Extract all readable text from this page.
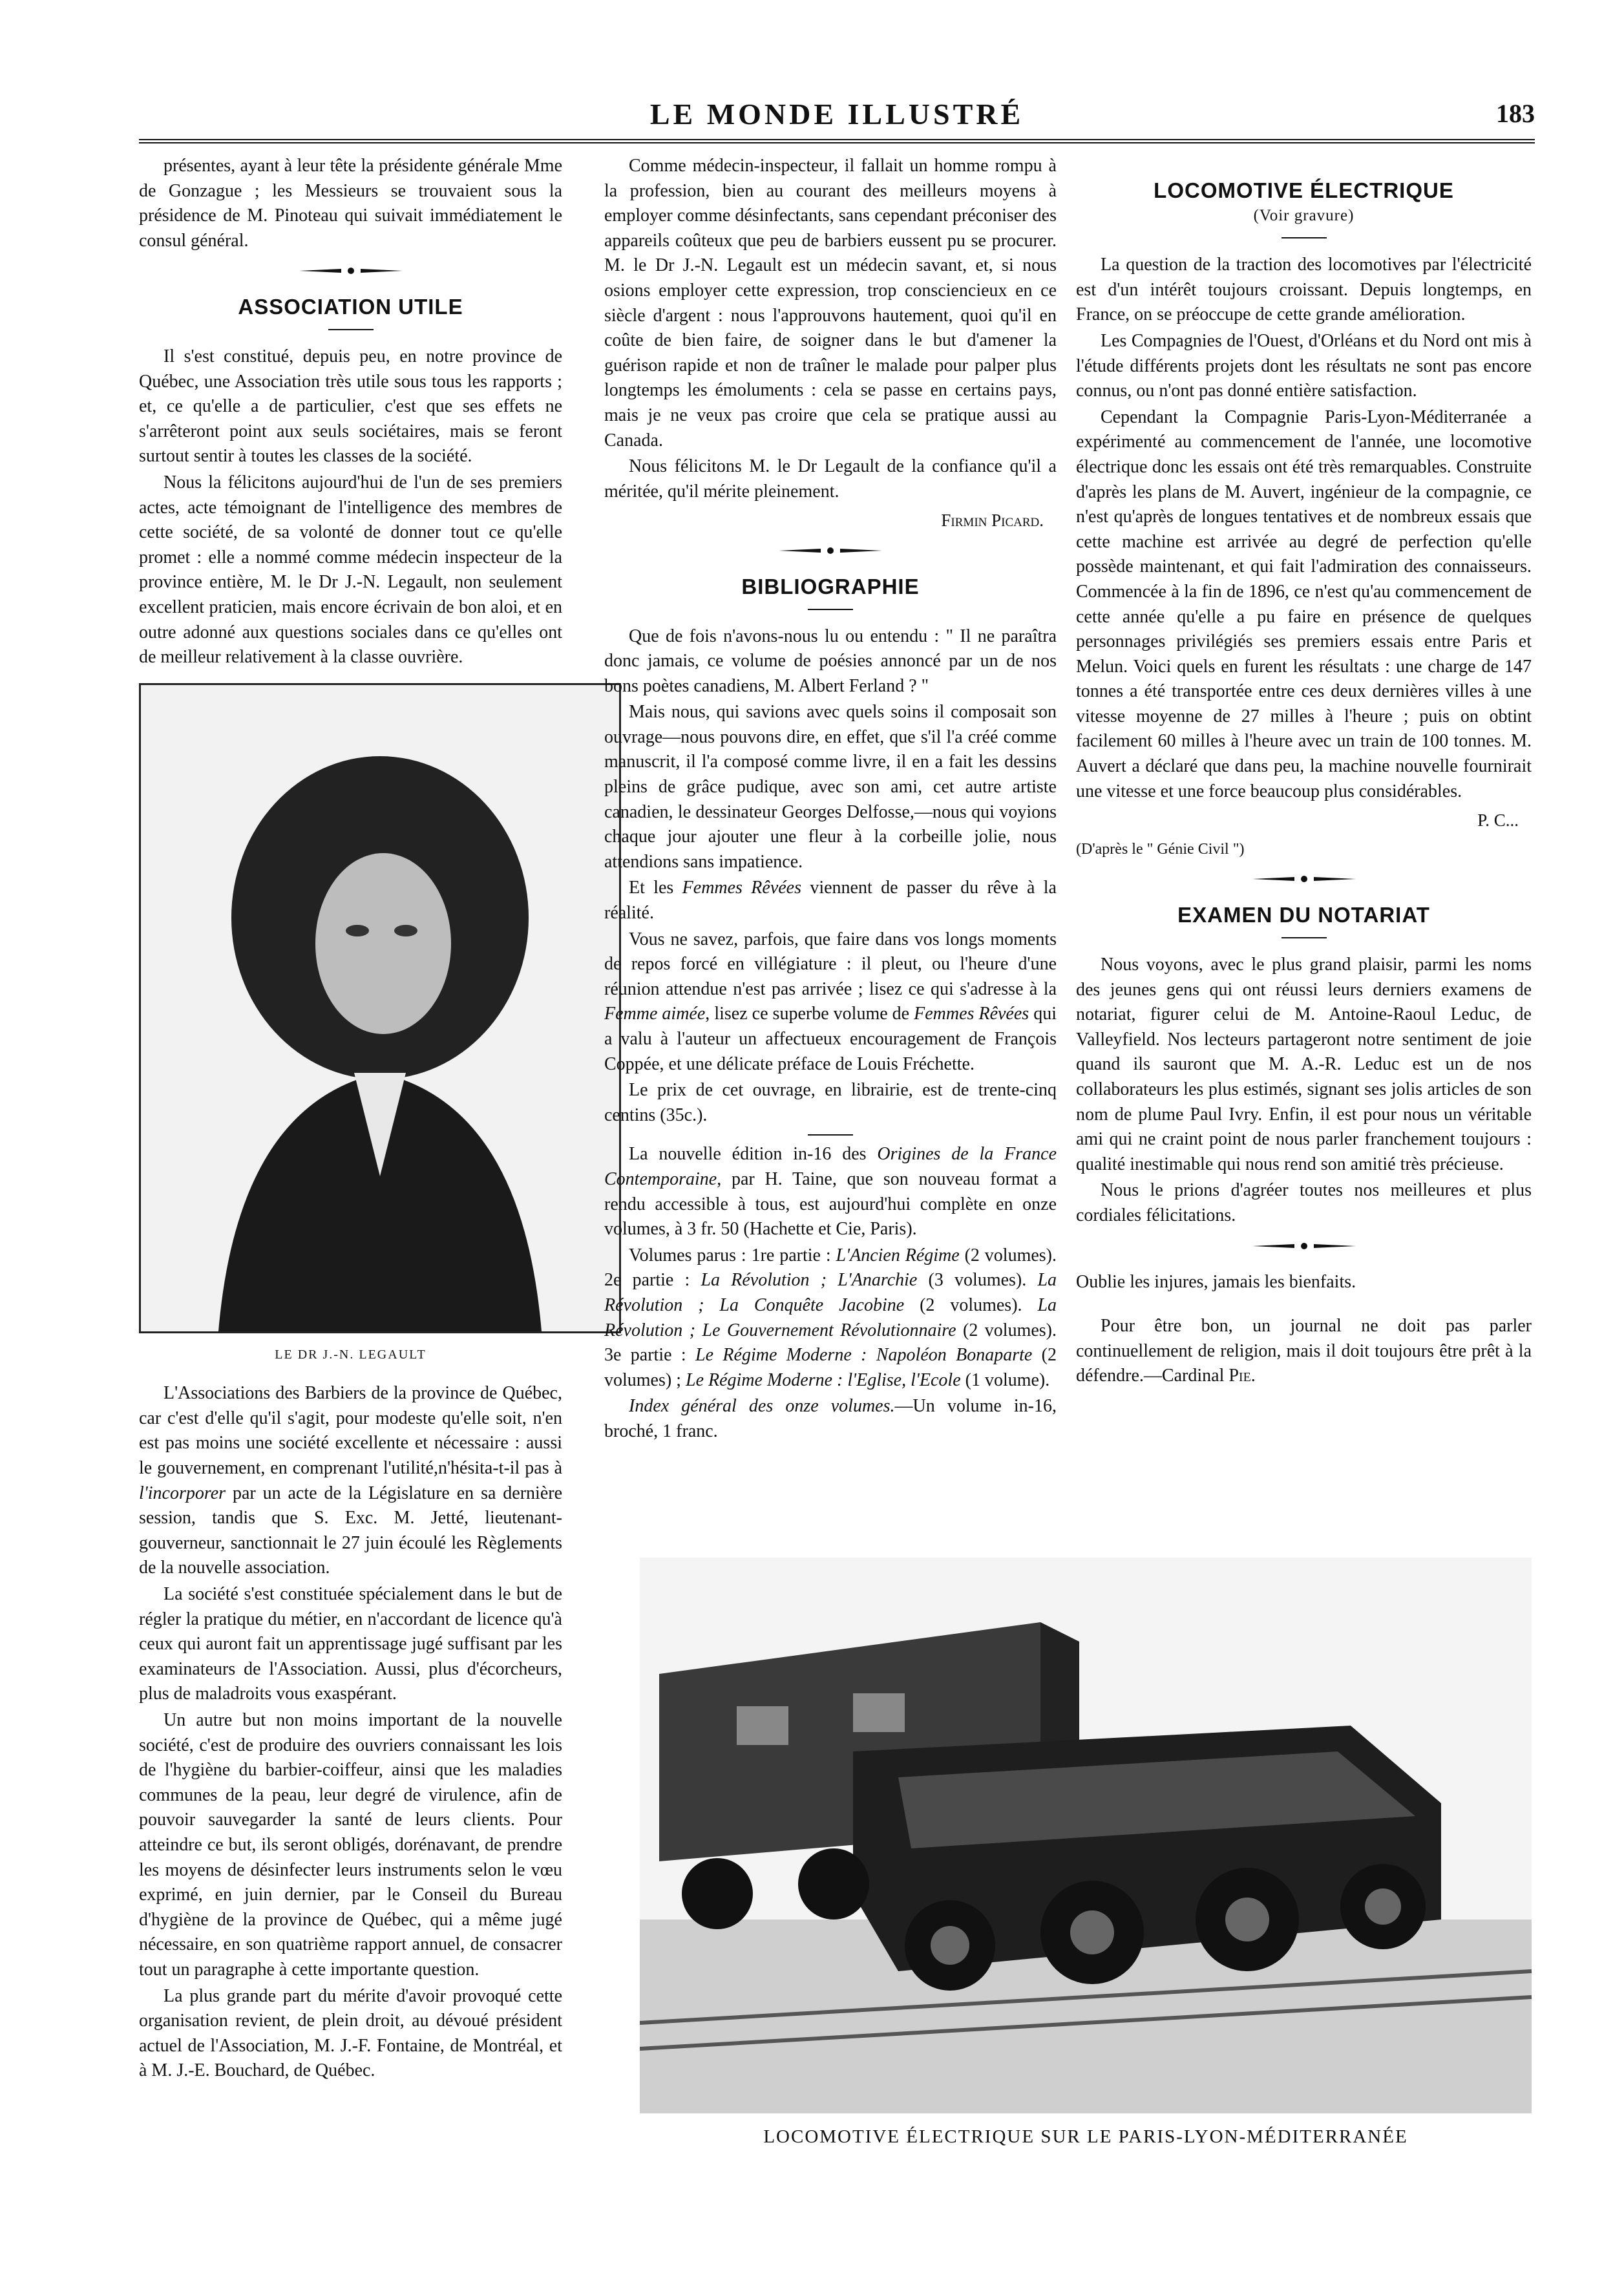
LE MONDE ILLUSTRÉ	183

présentes, ayant à leur tête la présidente générale Mme de Gonzague ; les Messieurs se trouvaient sous la présidence de M. Pinoteau qui suivait immédiatement le consul général.

ASSOCIATION UTILE

Il s'est constitué, depuis peu, en notre province de Québec, une Association très utile sous tous les rapports ; et, ce qu'elle a de particulier, c'est que ses effets ne s'arrêteront point aux seuls sociétaires, mais se feront surtout sentir à toutes les classes de la société.

Nous la félicitons aujourd'hui de l'un de ses premiers actes, acte témoignant de l'intelligence des membres de cette société, de sa volonté de donner tout ce qu'elle promet : elle a nommé comme médecin inspecteur de la province entière, M. le Dr J.-N. Legault, non seulement excellent praticien, mais encore écrivain de bon aloi, et en outre adonné aux questions sociales dans ce qu'elles ont de meilleur relativement à la classe ouvrière.

LE DR J.-N. LEGAULT

L'Associations des Barbiers de la province de Québec, car c'est d'elle qu'il s'agit, pour modeste qu'elle soit, n'en est pas moins une société excellente et nécessaire : aussi le gouvernement, en comprenant l'utilité,n'hésita-t-il pas à l'incorporer par un acte de la Législature en sa dernière session, tandis que S. Exc. M. Jetté, lieutenant-gouverneur, sanctionnait le 27 juin écoulé les Règlements de la nouvelle association.

La société s'est constituée spécialement dans le but de régler la pratique du métier, en n'accordant de licence qu'à ceux qui auront fait un apprentissage jugé suffisant par les examinateurs de l'Association. Aussi, plus d'écorcheurs, plus de maladroits vous exaspérant.

Un autre but non moins important de la nouvelle société, c'est de produire des ouvriers connaissant les lois de l'hygiène du barbier-coiffeur, ainsi que les maladies communes de la peau, leur degré de virulence, afin de pouvoir sauvegarder la santé de leurs clients. Pour atteindre ce but, ils seront obligés, dorénavant, de prendre les moyens de désinfecter leurs instruments selon le vœu exprimé, en juin dernier, par le Conseil du Bureau d'hygiène de la province de Québec, qui a même jugé nécessaire, en son quatrième rapport annuel, de consacrer tout un paragraphe à cette importante question.

La plus grande part du mérite d'avoir provoqué cette organisation revient, de plein droit, au dévoué président actuel de l'Association, M. J.-F. Fontaine, de Montréal, et à M. J.-E. Bouchard, de Québec.

Comme médecin-inspecteur, il fallait un homme rompu à la profession, bien au courant des meilleurs moyens à employer comme désinfectants, sans cependant préconiser des appareils coûteux que peu de barbiers eussent pu se procurer. M. le Dr J.-N. Legault est un médecin savant, et, si nous osions employer cette expression, trop consciencieux en ce siècle d'argent : nous l'approuvons hautement, quoi qu'il en coûte de bien faire, de soigner dans le but d'amener la guérison rapide et non de traîner le malade pour palper plus longtemps les émoluments : cela se passe en certains pays, mais je ne veux pas croire que cela se pratique aussi au Canada.

Nous félicitons M. le Dr Legault de la confiance qu'il a méritée, qu'il mérite pleinement.

Firmin Picard.
BIBLIOGRAPHIE

Que de fois n'avons-nous lu ou entendu : " Il ne paraîtra donc jamais, ce volume de poésies annoncé par un de nos bons poètes canadiens, M. Albert Ferland ? "

Mais nous, qui savions avec quels soins il composait son ouvrage—nous pouvons dire, en effet, que s'il l'a créé comme manuscrit, il l'a composé comme livre, il en a fait les dessins pleins de grâce pudique, avec son ami, cet autre artiste canadien, le dessinateur Georges Delfosse,—nous qui voyions chaque jour ajouter une fleur à la corbeille jolie, nous attendions sans impatience.

Et les Femmes Rêvées viennent de passer du rêve à la réalité.

Vous ne savez, parfois, que faire dans vos longs moments de repos forcé en villégiature : il pleut, ou l'heure d'une réunion attendue n'est pas arrivée ; lisez ce qui s'adresse à la Femme aimée, lisez ce superbe volume de Femmes Rêvées qui a valu à l'auteur un affectueux encouragement de François Coppée, et une délicate préface de Louis Fréchette.

Le prix de cet ouvrage, en librairie, est de trente-cinq centins (35c.).

La nouvelle édition in-16 des Origines de la France Contemporaine, par H. Taine, que son nouveau format a rendu accessible à tous, est aujourd'hui complète en onze volumes, à 3 fr. 50 (Hachette et Cie, Paris).

Volumes parus : 1re partie : L'Ancien Régime (2 volumes). 2e partie : La Révolution ; L'Anarchie (3 volumes). La Révolution ; La Conquête Jacobine (2 volumes). La Révolution ; Le Gouvernement Révolutionnaire (2 volumes). 3e partie : Le Régime Moderne : Napoléon Bonaparte (2 volumes) ; Le Régime Moderne : l'Eglise, l'Ecole (1 volume).

Index général des onze volumes.—Un volume in-16, broché, 1 franc.

LOCOMOTIVE ÉLECTRIQUE
(Voir gravure)

La question de la traction des locomotives par l'électricité est d'un intérêt toujours croissant. Depuis longtemps, en France, on se préoccupe de cette grande amélioration.

Les Compagnies de l'Ouest, d'Orléans et du Nord ont mis à l'étude différents projets dont les résultats ne sont pas encore connus, ou n'ont pas donné entière satisfaction.

Cependant la Compagnie Paris-Lyon-Méditerranée a expérimenté au commencement de l'année, une locomotive électrique donc les essais ont été très remarquables. Construite d'après les plans de M. Auvert, ingénieur de la compagnie, ce n'est qu'après de longues tentatives et de nombreux essais que cette machine est arrivée au degré de perfection qu'elle possède maintenant, et qui fait l'admiration des connaisseurs. Commencée à la fin de 1896, ce n'est qu'au commencement de cette année qu'elle a pu faire en présence de quelques personnages privilégiés ses premiers essais entre Paris et Melun. Voici quels en furent les résultats : une charge de 147 tonnes a été transportée entre ces deux dernières villes à une vitesse moyenne de 27 milles à l'heure ; puis on obtint facilement 60 milles à l'heure avec un train de 100 tonnes. M. Auvert a déclaré que dans peu, la machine nouvelle fournirait une vitesse et une force beaucoup plus considérables.

P. C...
(D'après le " Génie Civil ")
EXAMEN DU NOTARIAT

Nous voyons, avec le plus grand plaisir, parmi les noms des jeunes gens qui ont réussi leurs derniers examens de notariat, figurer celui de M. Antoine-Raoul Leduc, de Valleyfield. Nos lecteurs partageront notre sentiment de joie quand ils sauront que M. A.-R. Leduc est un de nos collaborateurs les plus estimés, signant ses jolis articles de son nom de plume Paul Ivry. Enfin, il est pour nous un véritable ami qui ne craint point de nous parler franchement toujours : qualité inestimable qui nous rend son amitié très précieuse.

Nous le prions d'agréer toutes nos meilleures et plus cordiales félicitations.

Oublie les injures, jamais les bienfaits.

Pour être bon, un journal ne doit pas parler continuellement de religion, mais il doit toujours être prêt à la défendre.—Cardinal Pie.

LOCOMOTIVE ÉLECTRIQUE SUR LE PARIS-LYON-MÉDITERRANÉE
